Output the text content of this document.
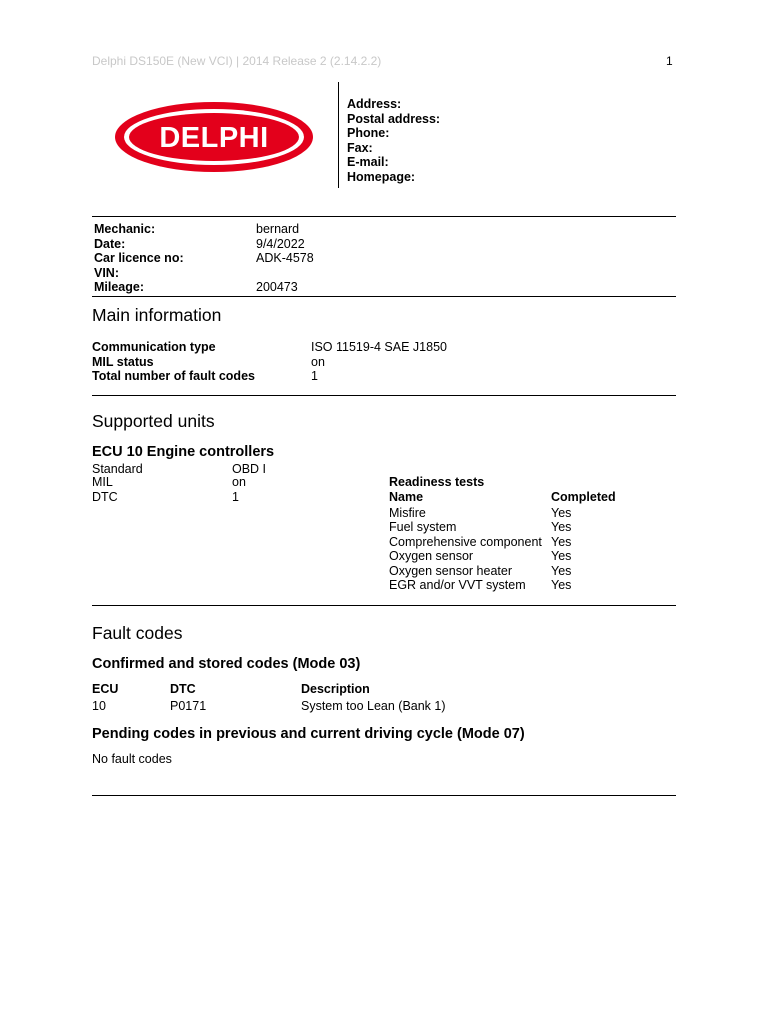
Delphi DS150E (New VCI) | 2014 Release 2 (2.14.2.2)	1
DELPHI
Address:
Postal address:
Phone:
Fax:
E-mail:
Homepage:
Mechanic:	bernard
Date:	9/4/2022
Car licence no:	ADK-4578
VIN:
Mileage:	200473
Main information
Communication type	ISO 11519-4 SAE J1850
MIL status	on
Total number of fault codes	1
Supported units
ECU 10 Engine controllers
Standard	OBD I
MIL	on
DTC	1
Readiness tests
Name	Completed
Misfire	Yes
Fuel system	Yes
Comprehensive component Yes
Oxygen sensor	Yes
Oxygen sensor heater	Yes
EGR and/or VVT system Yes
Fault codes
Confirmed and stored codes (Mode 03)
ECU	DTC	Description
10	P0171	System too Lean (Bank 1)
Pending codes in previous and current driving cycle (Mode 07)
No fault codes
